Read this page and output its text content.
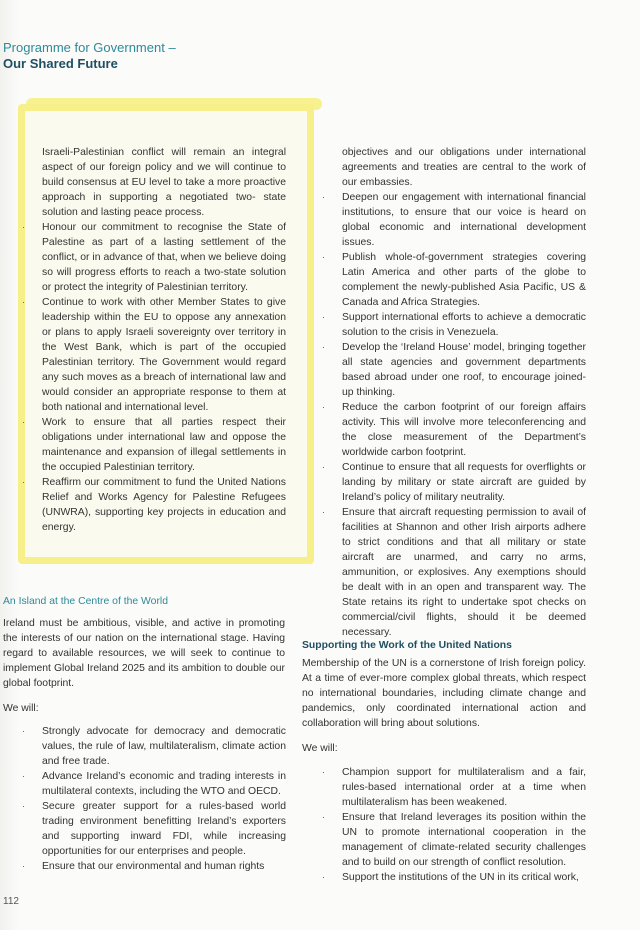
Programme for Government –
Our Shared Future
Israeli-Palestinian conflict will remain an integral aspect of our foreign policy and we will continue to build consensus at EU level to take a more proactive approach in supporting a negotiated two- state solution and lasting peace process.
· Honour our commitment to recognise the State of Palestine as part of a lasting settlement of the conflict, or in advance of that, when we believe doing so will progress efforts to reach a two-state solution or protect the integrity of Palestinian territory.
· Continue to work with other Member States to give leadership within the EU to oppose any annexation or plans to apply Israeli sovereignty over territory in the West Bank, which is part of the occupied Palestinian territory. The Government would regard any such moves as a breach of international law and would consider an appropriate response to them at both national and international level.
· Work to ensure that all parties respect their obligations under international law and oppose the maintenance and expansion of illegal settlements in the occupied Palestinian territory.
· Reaffirm our commitment to fund the United Nations Relief and Works Agency for Palestine Refugees (UNWRA), supporting key projects in education and energy.
objectives and our obligations under international agreements and treaties are central to the work of our embassies.
· Deepen our engagement with international financial institutions, to ensure that our voice is heard on global economic and international development issues.
· Publish whole-of-government strategies covering Latin America and other parts of the globe to complement the newly-published Asia Pacific, US & Canada and Africa Strategies.
· Support international efforts to achieve a democratic solution to the crisis in Venezuela.
· Develop the ‘Ireland House’ model, bringing together all state agencies and government departments based abroad under one roof, to encourage joined-up thinking.
· Reduce the carbon footprint of our foreign affairs activity. This will involve more teleconferencing and the close measurement of the Department’s worldwide carbon footprint.
· Continue to ensure that all requests for overflights or landing by military or state aircraft are guided by Ireland’s policy of military neutrality.
· Ensure that aircraft requesting permission to avail of facilities at Shannon and other Irish airports adhere to strict conditions and that all military or state aircraft are unarmed, and carry no arms, ammunition, or explosives. Any exemptions should be dealt with in an open and transparent way. The State retains its right to undertake spot checks on commercial/civil flights, should it be deemed necessary.
An Island at the Centre of the World

Ireland must be ambitious, visible, and active in promoting the interests of our nation on the international stage. Having regard to available resources, we will seek to continue to implement Global Ireland 2025 and its ambition to double our global footprint.

We will:
· Strongly advocate for democracy and democratic values, the rule of law, multilateralism, climate action and free trade.
· Advance Ireland’s economic and trading interests in multilateral contexts, including the WTO and OECD.
· Secure greater support for a rules-based world trading environment benefitting Ireland’s exporters and supporting inward FDI, while increasing opportunities for our enterprises and people.
· Ensure that our environmental and human rights
Supporting the Work of the United Nations

Membership of the UN is a cornerstone of Irish foreign policy. At a time of ever-more complex global threats, which respect no international boundaries, including climate change and pandemics, only coordinated international action and collaboration will bring about solutions.

We will:
· Champion support for multilateralism and a fair, rules-based international order at a time when multilateralism has been weakened.
· Ensure that Ireland leverages its position within the UN to promote international cooperation in the management of climate-related security challenges and to build on our strength of conflict resolution.
· Support the institutions of the UN in its critical work,
112
